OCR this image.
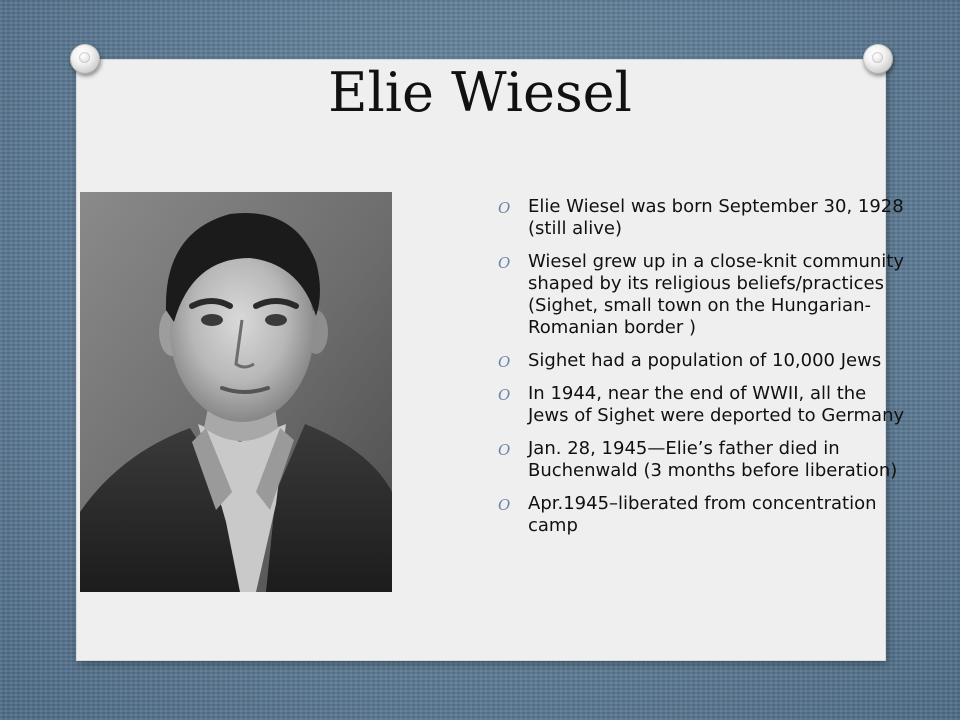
Elie Wiesel
O Elie Wiesel was born September 30, 1928 (still alive)
O Wiesel grew up in a close-knit community shaped by its religious beliefs/practices (Sighet, small town on the Hungarian-Romanian border )
O Sighet had a population of 10,000 Jews
O In 1944, near the end of WWII, all the Jews of Sighet were deported to Germany
O Jan. 28, 1945—Elie’s father died in Buchenwald (3 months before liberation)
O Apr.1945–liberated from concentration camp
